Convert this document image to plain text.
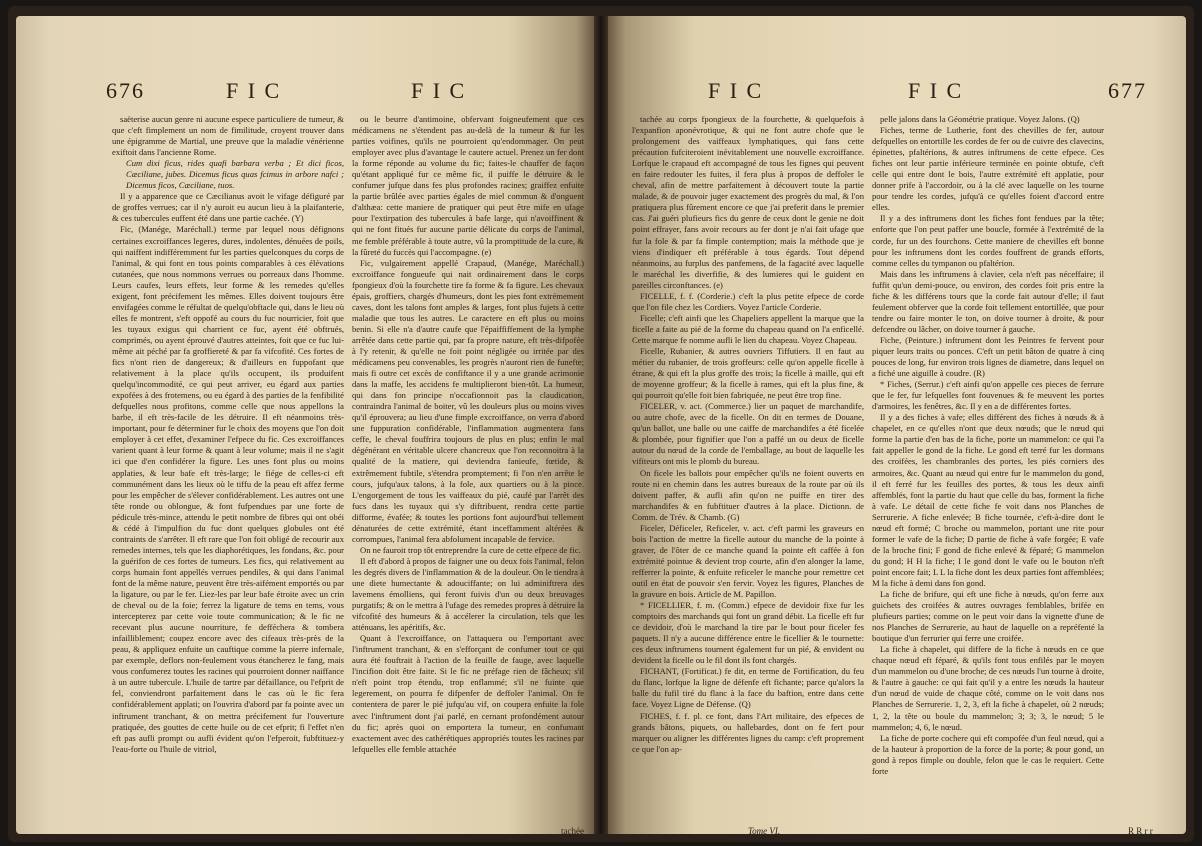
676	F I C	F I C

saëterise aucun genre ni aucune espece particuliere de tumeur, & que c'eft fimplement un nom de fimilitude, croyent trouver dans une épigramme de Martial, une preuve que la maladie vénérienne exiftoit dans l'ancienne Rome.

Cum dixi ficus, rides quafi barbara verba ; Et dici ficos, Cæciliane, jubes. Dicemus ficus quas fcimus in arbore nafci ; Dicemus ficos, Cæciliane, tuos.

Il y a apparence que ce Cæcilianus avoit le vifage défiguré par de groffes verrues; car il n'y auroit eu aucun lieu à la plaifanterie, & ces tubercules euffent été dans une partie cachée. (Y)

Fic, (Manége, Maréchall.) terme par lequel nous défignons certaines excroiffances legeres, dures, indolentes, dénuées de poils, qui naiffent indifféremment fur les parties quelconques du corps de l'animal, & qui font en tous points comparables à ces élévations cutanées, que nous nommons verrues ou porreaux dans l'homme. Leurs caufes, leurs effets, leur forme & les remedes qu'elles exigent, font précifement les mêmes. Elles doivent toujours être envifagées comme le réfultat de quelqu'obftacle qui, dans le lieu où elles fe montrent, s'eft oppofé au cours du fuc nourricier, foit que les tuyaux exigus qui charrient ce fuc, ayent été obftrués, comprimés, ou ayent éprouvé d'autres atteintes, foit que ce fuc lui-même ait péché par fa groffiereté & par fa vifcofité. Ces fortes de fics n'ont rien de dangereux; & d'ailleurs en fuppofant que relativement à la place qu'ils occupent, ils produifent quelqu'incommodité, ce qui peut arriver, eu égard aux parties expofées à des frotemens, ou eu égard à des parties de la fenfibilité defquelles nous profitons, comme celle que nous appellons la barbe, il eft très-facile de les détruire. Il eft néanmoins très-important, pour fe déterminer fur le choix des moyens que l'on doit employer à cet effet, d'examiner l'efpece du fic. Ces excroiffances varient quant à leur forme & quant à leur volume; mais il ne s'agit ici que d'en confidérer la figure. Les unes font plus ou moins applaties, & leur bafe eft très-large; le fiége de celles-ci eft communément dans les lieux où le tiffu de la peau eft affez ferme pour les empêcher de s'élever confidérablement. Les autres ont une tête ronde ou oblongue, & font fufpendues par une forte de pédicule très-mince, attendu le petit nombre de fibres qui ont obéi & cédé à l'impulfion du fuc dont quelques globules ont été contraints de s'arrêter. Il eft rare que l'on foit obligé de recourir aux remedes internes, tels que les diaphorétiques, les fondans, &c. pour la guérifon de ces fortes de tumeurs. Les fics, qui relativement au corps humain font appellés verrues pendiles, & qui dans l'animal font de la même nature, peuvent être très-aifément emportés ou par la ligature, ou par le fer. Liez-les par leur bafe étroite avec un crin de cheval ou de la foie; ferrez la ligature de tems en tems, vous intercepterez par cette voie toute communication; & le fic ne recevant plus aucune nourriture, fe defféchera & tombera infailliblement; coupez encore avec des cifeaux très-près de la peau, & appliquez enfuite un cauftique comme la pierre infernale, par exemple, deflors non-feulement vous étancherez le fang, mais vous confumerez toutes les racines qui pourroient donner naiffance à un autre tubercule. L'huile de tartre par défaillance, ou l'efprit de fel, conviendront parfaitement dans le cas où le fic fera confidérablement applati; on l'ouvrira d'abord par fa pointe avec un inftrument tranchant, & on mettra précifement fur l'ouverture pratiquée, des gouttes de cette huile ou de cet efprit; fi l'effet n'en eft pas aufli prompt ou aufli évident qu'on l'efperoit, fubftituez-y l'eau-forte ou l'huile de vitriol,

ou le beurre d'antimoine, obfervant foigneufement que ces médicamens ne s'étendent pas au-delà de la tumeur & fur les parties voifines, qu'ils ne pourroient qu'endommager. On peut employer avec plus d'avantage le cautere actuel. Prenez un fer dont la forme réponde au volume du fic; faites-le chauffer de façon qu'étant appliqué fur ce même fic, il puiffe le détruire & le confumer jufque dans fes plus profondes racines; graiffez enfuite la partie brûlée avec parties égales de miel commun & d'onguent d'althæa: cette maniere de pratiquer qui peut être mife en ufage pour l'extirpation des tubercules à bafe large, qui n'avoiffinent & qui ne font fitués fur aucune partie délicate du corps de l'animal, me femble préférable à toute autre, vû la promptitude de la cure, & la fûreté du fuccès qui l'accompagne. (e)

Fic, vulgairement appellé Crapaud, (Manége, Maréchall.) excroiffance fongueufe qui nait ordinairement dans le corps fpongieux d'où la fourchette tire fa forme & fa figure. Les chevaux épais, groffiers, chargés d'humeurs, dont les pies font extrémement caves, dont les talons font amples & larges, font plus fujets à cette maladie que tous les autres. Le caractere en eft plus ou moins benin. Si elle n'a d'autre caufe que l'épaiffiffement de la lymphe arrêtée dans cette partie qui, par fa propre nature, eft très-difpofée à l'y retenir, & qu'elle ne foit point négligée ou irritée par des médicamens peu convenables, les progrès n'auront rien de funefte; mais fi outre cet excès de confiftance il y a une grande acrimonie dans la maffe, les accidens fe multiplieront bien-tôt. La humeur, qui dans fon principe n'occafionnoit pas la claudication, contraindra l'animal de boiter, vû les douleurs plus ou moins vives qu'il éprouvera; au lieu d'une fimple excroiffance, on verra d'abord une fuppuration confidérable, l'inflammation augmentera fans ceffe, le cheval fouffrira toujours de plus en plus; enfin le mal dégénérant en véritable ulcere chancreux que l'on reconnoitra à la qualité de la matiere, qui deviendra fanieufe, fœtide, & extrêmement fubtile, s'étendra promptement; fi l'on n'en arrête le cours, jufqu'aux talons, à la fole, aux quartiers ou à la pince. L'engorgement de tous les vaiffeaux du pié, caufé par l'arrêt des fucs dans les tuyaux qui s'y diftribuent, rendra cette partie difforme, évafée; & toutes les portions font aujourd'hui tellement dénaturées de cette extrémité, étant inceffamment altérées & corrompues, l'animal fera abfolument incapable de fervice.

On ne fauroit trop tôt entreprendre la cure de cette efpece de fic.

Il eft d'abord à propos de faigner une ou deux fois l'animal, felon les degrés divers de l'inflammation & de la douleur. On le tiendra à une diete humectante & adouciffante; on lui adminiftrera des lavemens émolliens, qui feront fuivis d'un ou deux breuvages purgatifs; & on le mettra à l'ufage des remedes propres à détruire la vifcofité des humeurs & à accélerer la circulation, tels que les atténuans, les apéritifs, &c.

Quant à l'excroiffance, on l'attaquera ou l'emportant avec l'inftrument tranchant, & en s'efforçant de confumer tout ce qui aura été fouftrait à l'action de la feuille de fauge, avec laquelle l'incifion doit être faite. Si le fic ne préfage rien de fâcheux; s'il n'eft point trop étendu, trop enflammé; s'il ne fuinte que legerement, on pourra fe difpenfer de deffoler l'animal. On fe contentera de parer le pié jufqu'au vif, on coupera enfuite la fole avec l'inftrument dont j'ai parlé, en cernant profondément autour du fic; après quoi on emportera la tumeur, en confumant exactement avec des cathérétiques appropriés toutes les racines par lefquelles elle femble attachée

tachée
F I C	F I C	677

tachée au corps fpongieux de la fourchette, & quelquefois à l'expanfion aponévrotique, & qui ne font autre chofe que le prolongement des vaiffeaux lymphatiques, qui fans cette précaution fufciteroient inévitablement une nouvelle excroiffance. Lorfque le crapaud eft accompagné de tous les fignes qui peuvent en faire redouter les fuites, il fera plus à propos de deffoler le cheval, afin de mettre parfaitement à découvert toute la partie malade, & de pouvoir juger exactement des progrès du mal, & l'on pratiquera plus fûrement encore ce que j'ai preferit dans le premier cas. J'ai guéri plufieurs fics du genre de ceux dont le genie ne doit point effrayer, fans avoir recours au fer dont je n'ai fait ufage que fur la fole & par fa fimple contemption; mais la méthode que je viens d'indiquer eft préférable à tous égards. Tout dépend néanmoins, au furplus des panfemens, de la fagacité avec laquelle le maréchal les diverfifie, & des lumieres qui le guident en pareilles circonftances. (e)

FICELLE, f. f. (Corderie.) c'eft la plus petite efpece de corde que l'on file chez les Cordiers. Voyez l'article Corderie.

Ficelle; c'eft ainfi que les Chapeliers appellent la marque que la ficelle a faite au pié de la forme du chapeau quand on l'a enficellé. Cette marque fe nomme aufli le lien du chapeau. Voyez Chapeau.

Ficelle, Rubanier, & autres ouvriers Tiffutiers. Il en faut au métier du rubanier, de trois groffeurs: celle qu'on appelle ficelle à étrane, & qui eft la plus groffe des trois; la ficelle à maille, qui eft de moyenne groffeur; & la ficelle à rames, qui eft la plus fine, & qui pourroit qu'elle foit bien fabriquée, ne peut être trop fine.

FICELER, v. act. (Commerce.) lier un paquet de marchandife, ou autre chofe, avec de la ficelle. On dit en termes de Douane, qu'un ballot, une balle ou une caiffe de marchandifes a été ficelée & plombée, pour fignifier que l'on a paffé un ou deux de ficelle autour du nœud de la corde de l'emballage, au bout de laquelle les vifiteurs ont mis le plomb du bureau.

On ficele les ballots pour empêcher qu'ils ne foient ouverts en route ni en chemin dans les autres bureaux de la route par où ils doivent paffer, & aufli afin qu'on ne puiffe en tirer des marchandifes & en fubftituer d'autres à la place. Dictionn. de Comm. de Trév. & Chamb. (G)

Ficeler, Déficeler, Reficeler, v. act. c'eft parmi les graveurs en bois l'action de mettre la ficelle autour du manche de la pointe à graver, de l'ôter de ce manche quand la pointe eft caffée à fon extrémité pointue & devient trop courte, afin d'en alonger la lame, refferrer la pointe, & enfuite reficeler le manche pour remettre cet outil en état de pouvoir s'en fervir. Voyez les figures, Planches de la gravure en bois. Article de M. Papillon.

* FICELLIER, f. m. (Comm.) efpece de devidoir fixe fur les comptoirs des marchands qui font un grand débit. La ficelle eft fur ce devidoir, d'où le marchand la tire par le bout pour ficeler fes paquets. Il n'y a aucune différence entre le ficellier & le tournette: ces deux inftrumens tournent également fur un pié, & envident ou devident la ficelle ou le fil dont ils font chargés.

FICHANT, (Fortificat.) fe dit, en terme de Fortification, du feu du flanc, lorfque la ligne de défenfe eft fichante; parce qu'alors la balle du fufil tiré du flanc à la face du baftion, entre dans cette face. Voyez Ligne de Défense. (Q)

FICHES, f. f. pl. ce font, dans l'Art militaire, des efpeces de grands bâtons, piquets, ou hallebardes, dont on fe fert pour marquer ou aligner les différentes lignes du camp: c'eft proprement ce que l'on ap-

pelle jalons dans la Géométrie pratique. Voyez Jalons. (Q)

Fiches, terme de Lutherie, font des chevilles de fer, autour defquelles on entortille les cordes de fer ou de cuivre des clavecins, épinettes, pfaltérions, & autres inftrumens de cette efpece. Ces fiches ont leur partie inférieure terminée en pointe obtufe, c'eft celle qui entre dont le bois, l'autre extrémité eft applatie, pour donner prife à l'accordoir, ou à la clé avec laquelle on les tourne pour tendre les cordes, jufqu'à ce qu'elles foient d'accord entre elles.

Il y a des inftrumens dont les fiches font fendues par la tête; enforte que l'on peut paffer une boucle, formée à l'extrémité de la corde, fur un des fourchons. Cette maniere de chevilles eft bonne pour les inftrumens dont les cordes fouffrent de grands efforts, comme celles du tympanon ou pfaltérion.

Mais dans les inftrumens à clavier, cela n'eft pas néceffaire; il fuffit qu'un demi-pouce, ou environ, des cordes foit pris entre la fiche & les différens tours que la corde fait autour d'elle; il faut feulement obferver que la corde foit tellement entortillée, que pour tendre ou faire monter le ton, on doive tourner à droite, & pour defcendre ou lâcher, on doive tourner à gauche.

Fiche, (Peinture.) inftrument dont les Peintres fe fervent pour piquer leurs traits ou ponces. C'eft un petit bâton de quatre à cinq pouces de long, fur environ trois lignes de diametre, dans lequel on a fiché une aiguille à coudre. (R)

* Fiches, (Serrur.) c'eft ainfi qu'on appelle ces pieces de ferrure que le fer, fur lefquelles font fouvenues & fe meuvent les portes d'armoires, les fenêtres, &c. Il y en a de différentes fortes.

Il y a des fiches à vafe; elles différent des fiches à nœuds & à chapelet, en ce qu'elles n'ont que deux nœuds; que le nœud qui forme la partie d'en bas de la fiche, porte un mammelon: ce qui l'a fait appeller le gond de la fiche. Le gond eft terré fur les dormans des croifées, les chambranles des portes, les piés corniers des armoires, &c. Quant au nœud qui entre fur le mammelon du gond, il eft ferré fur les feuilles des portes, & tous les deux ainfi affemblés, font la partie du haut que celle du bas, forment la fiche à vafe. Le détail de cette fiche fe voit dans nos Planches de Serrurerie. A fiche enlevée; B fiche tournée, c'eft-à-dire dont le nœud eft formé; C broche ou mammelon, portant une rite pour former le vafe de la fiche; D partie de fiche à vafe forgée; E vafe de la broche fini; F gond de fiche enlevé & féparé; G mammelon du gond; H H la fiche; I le gond dont le vafe ou le bouton n'eft point encore fait; L L la fiche dont les deux parties font affemblées; M la fiche à demi dans fon gond.

La fiche de brifure, qui eft une fiche à nœuds, qu'on ferre aux guichets des croifées & autres ouvrages femblables, brifée en plufieurs parties; comme on le peut voir dans la vignette d'une de nos Planches de Serrurerie, au haut de laquelle on a repréfenté la boutique d'un ferrurier qui ferre une croifée.

La fiche à chapelet, qui differe de la fiche à nœuds en ce que chaque nœud eft féparé, & qu'ils font tous enfilés par le moyen d'un mammelon ou d'une broche; de ces nœuds l'un tourne à droite, & l'autre à gauche: ce qui fait qu'il y a entre les nœuds la hauteur d'un nœud de vuide de chaque côté, comme on le voit dans nos Planches de Serrurerie. 1, 2, 3, eft la fiche à chapelet, où 2 nœuds; 1, 2, la tête ou boule du mammelon; 3; 3; 3, le nœud; 5 le mammelon; 4, 6, le nœud.

La fiche de porte cochere qui eft compofée d'un feul nœud, qui a de la hauteur à proportion de la force de la porte; & pour gond, un gond à repos fimple ou double, felon que le cas le requiert. Cette forte

Tome VI.	R R r r
